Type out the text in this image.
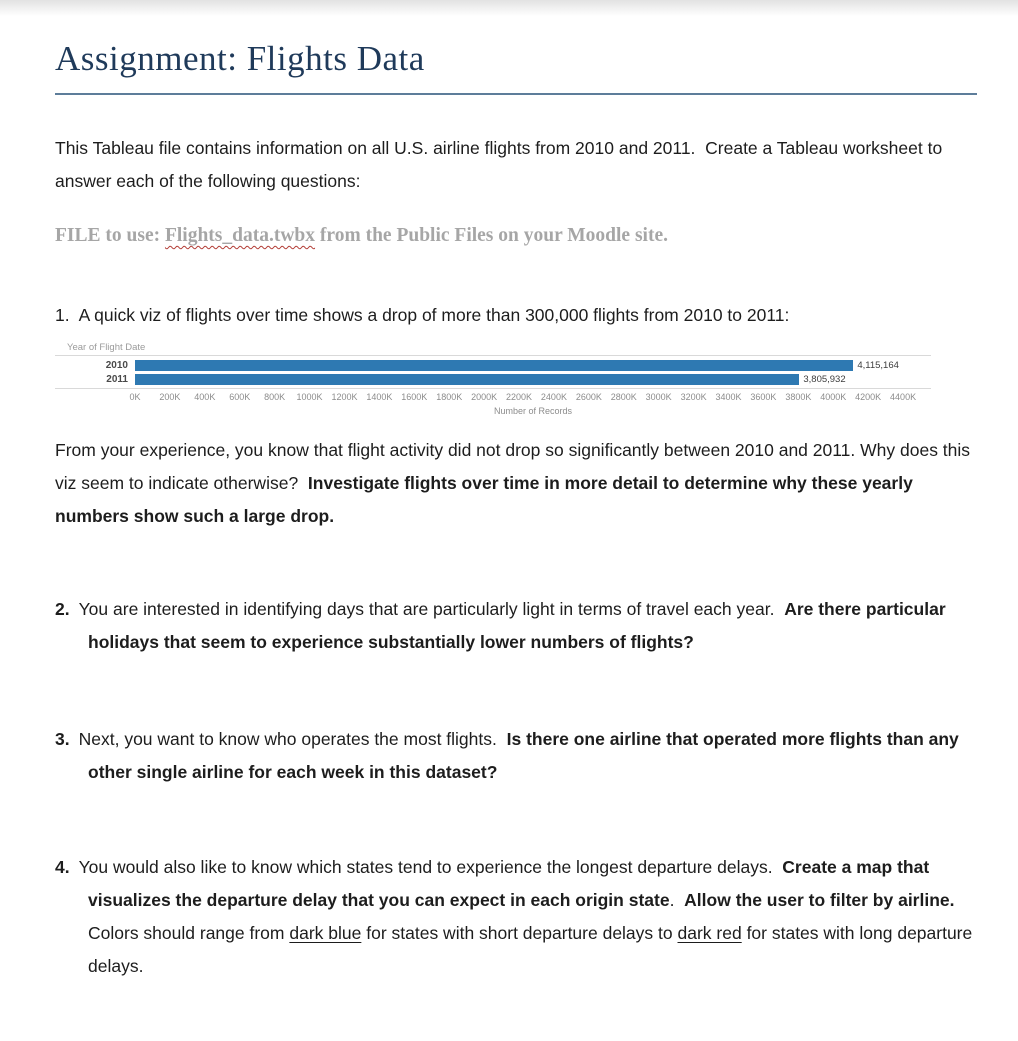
Assignment: Flights Data

This Tableau file contains information on all U.S. airline flights from 2010 and 2011.  Create a Tableau worksheet to answer each of the following questions:

FILE to use: Flights_data.twbx from the Public Files on your Moodle site.

1. A quick viz of flights over time shows a drop of more than 300,000 flights from 2010 to 2011:

Year of Flight Date
2010	4,115,164
2011	3,805,932
0K 200K 400K 600K 800K 1000K 1200K 1400K 1600K 1800K 2000K 2200K 2400K 2600K 2800K 3000K 3200K 3400K 3600K 3800K 4000K 4200K 4400K
Number of Records

From your experience, you know that flight activity did not drop so significantly between 2010 and 2011. Why does this viz seem to indicate otherwise?  Investigate flights over time in more detail to determine why these yearly numbers show such a large drop.

2. You are interested in identifying days that are particularly light in terms of travel each year.  Are there particular holidays that seem to experience substantially lower numbers of flights?

3. Next, you want to know who operates the most flights.  Is there one airline that operated more flights than any other single airline for each week in this dataset?

4. You would also like to know which states tend to experience the longest departure delays.  Create a map that visualizes the departure delay that you can expect in each origin state.  Allow the user to filter by airline.  Colors should range from dark blue for states with short departure delays to dark red for states with long departure delays.
